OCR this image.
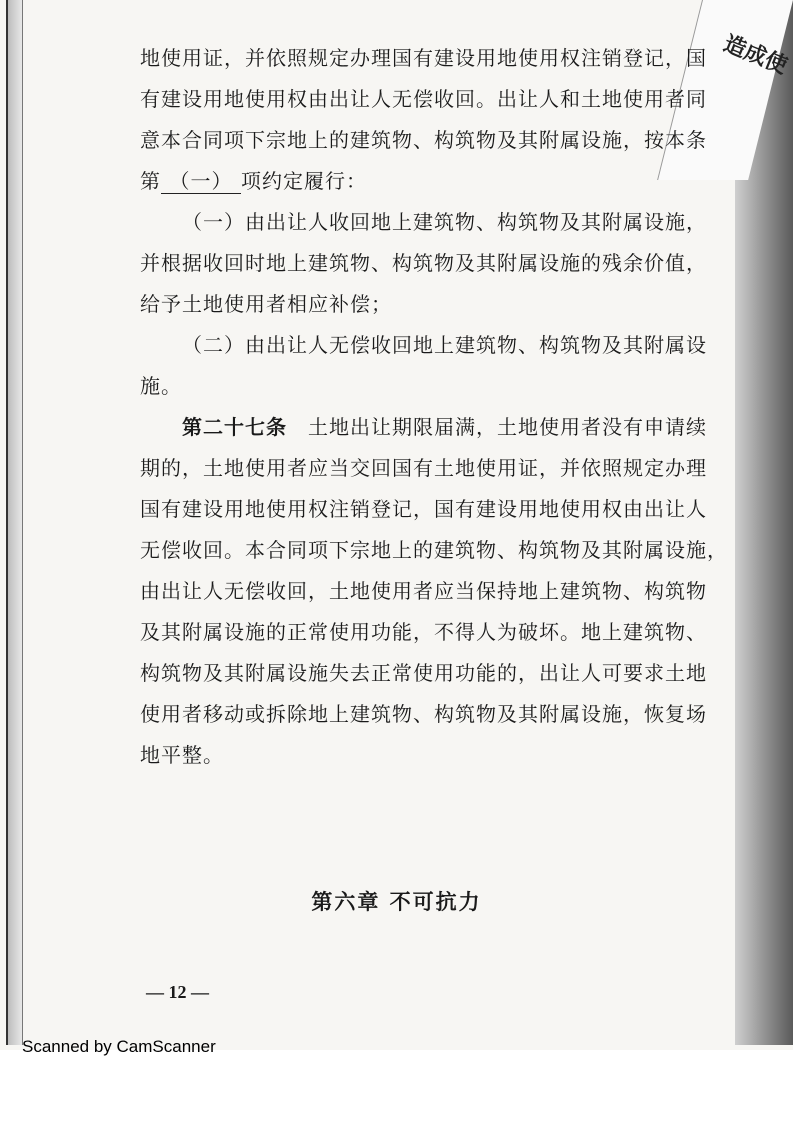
造成使
地使用证，并依照规定办理国有建设用地使用权注销登记，国
有建设用地使用权由出让人无偿收回。出让人和土地使用者同
意本合同项下宗地上的建筑物、构筑物及其附属设施，按本条
第 （一） 项约定履行：
（一）由出让人收回地上建筑物、构筑物及其附属设施，
并根据收回时地上建筑物、构筑物及其附属设施的残余价值，
给予土地使用者相应补偿；
（二）由出让人无偿收回地上建筑物、构筑物及其附属设
施。
第二十七条　土地出让期限届满，土地使用者没有申请续
期的，土地使用者应当交回国有土地使用证，并依照规定办理
国有建设用地使用权注销登记，国有建设用地使用权由出让人
无偿收回。本合同项下宗地上的建筑物、构筑物及其附属设施，
由出让人无偿收回，土地使用者应当保持地上建筑物、构筑物
及其附属设施的正常使用功能，不得人为破坏。地上建筑物、
构筑物及其附属设施失去正常使用功能的，出让人可要求土地
使用者移动或拆除地上建筑物、构筑物及其附属设施，恢复场
地平整。
第六章 不可抗力
— 12 —
Scanned by CamScanner
